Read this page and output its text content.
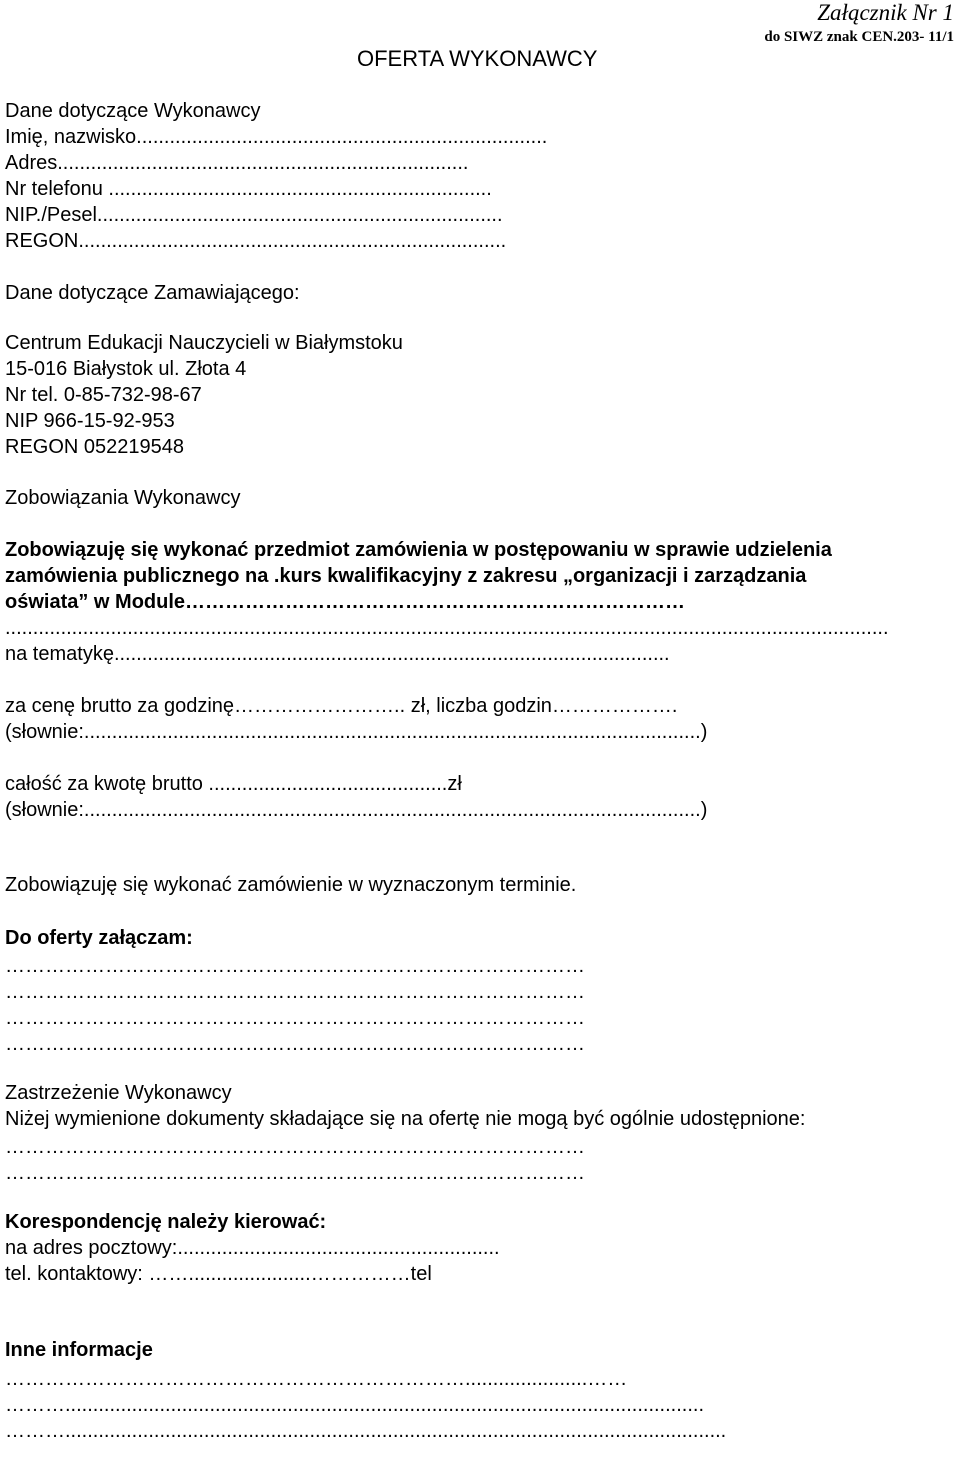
Załącznik Nr 1
do SIWZ znak CEN.203- 11/1
OFERTA WYKONAWCY
Dane dotyczące Wykonawcy
Imię, nazwisko..........................................................................
Adres..........................................................................
Nr telefonu .....................................................................
NIP./Pesel.........................................................................
REGON.............................................................................
Dane dotyczące Zamawiającego:
Centrum Edukacji Nauczycieli w Białymstoku
15-016 Białystok ul. Złota 4
Nr tel. 0-85-732-98-67
NIP 966-15-92-953
REGON 052219548
Zobowiązania Wykonawcy
Zobowiązuję się wykonać przedmiot zamówienia w postępowaniu w sprawie udzielenia
zamówienia publicznego na .kurs kwalifikacyjny z zakresu „organizacji i zarządzania
oświata” w Module…………………………………………………………………
...............................................................................................................................................................
na tematykę....................................................................................................
za cenę brutto za godzinę…………………….. zł, liczba godzin……………….
(słownie:...............................................................................................................)
całość za kwotę brutto ...........................................zł
(słownie:...............................................................................................................)
Zobowiązuję się wykonać zamówienie w wyznaczonym terminie.
Do oferty załączam:
……………………………………………………………………………
……………………………………………………………………………
……………………………………………………………………………
……………………………………………………………………………
Zastrzeżenie Wykonawcy
Niżej wymienione dokumenty składające się na ofertę nie mogą być ogólnie udostępnione:
……………………………………………………………………………
……………………………………………………………………………
Korespondencję należy kierować:
na adres pocztowy:..........................................................
tel. kontaktowy: ……......................……………tel
Inne informacje
……………………………………………………………......................……
………...................................................................................................................
……….......................................................................................................................
